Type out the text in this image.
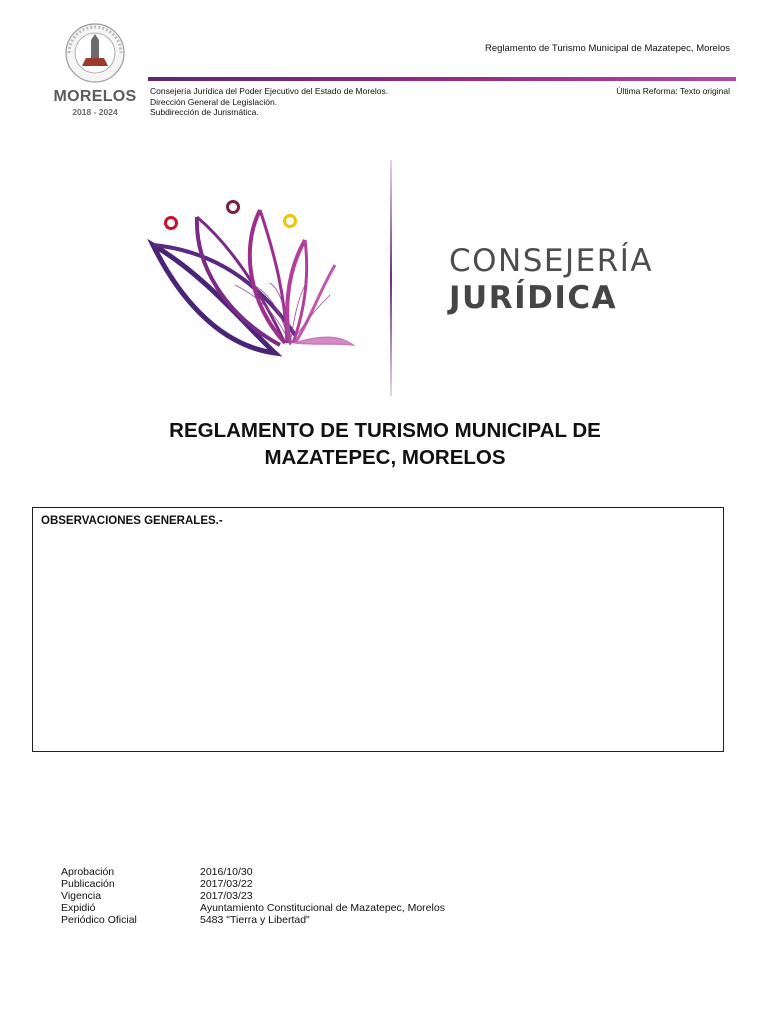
MORELOS
2018 - 2024
Reglamento de Turismo Municipal de Mazatepec, Morelos
Consejería Jurídica del Poder Ejecutivo del Estado de Morelos.
Dirección General de Legislación.
Subdirección de Jurismática.
Última Reforma: Texto original
CONSEJERÍA
JURÍDICA
REGLAMENTO DE TURISMO MUNICIPAL DE
MAZATEPEC, MORELOS
OBSERVACIONES GENERALES.-
Aprobación	2016/10/30
Publicación	2017/03/22
Vigencia	2017/03/23
Expidió	Ayuntamiento Constitucional de Mazatepec, Morelos
Periódico Oficial	5483 "Tierra y Libertad"
